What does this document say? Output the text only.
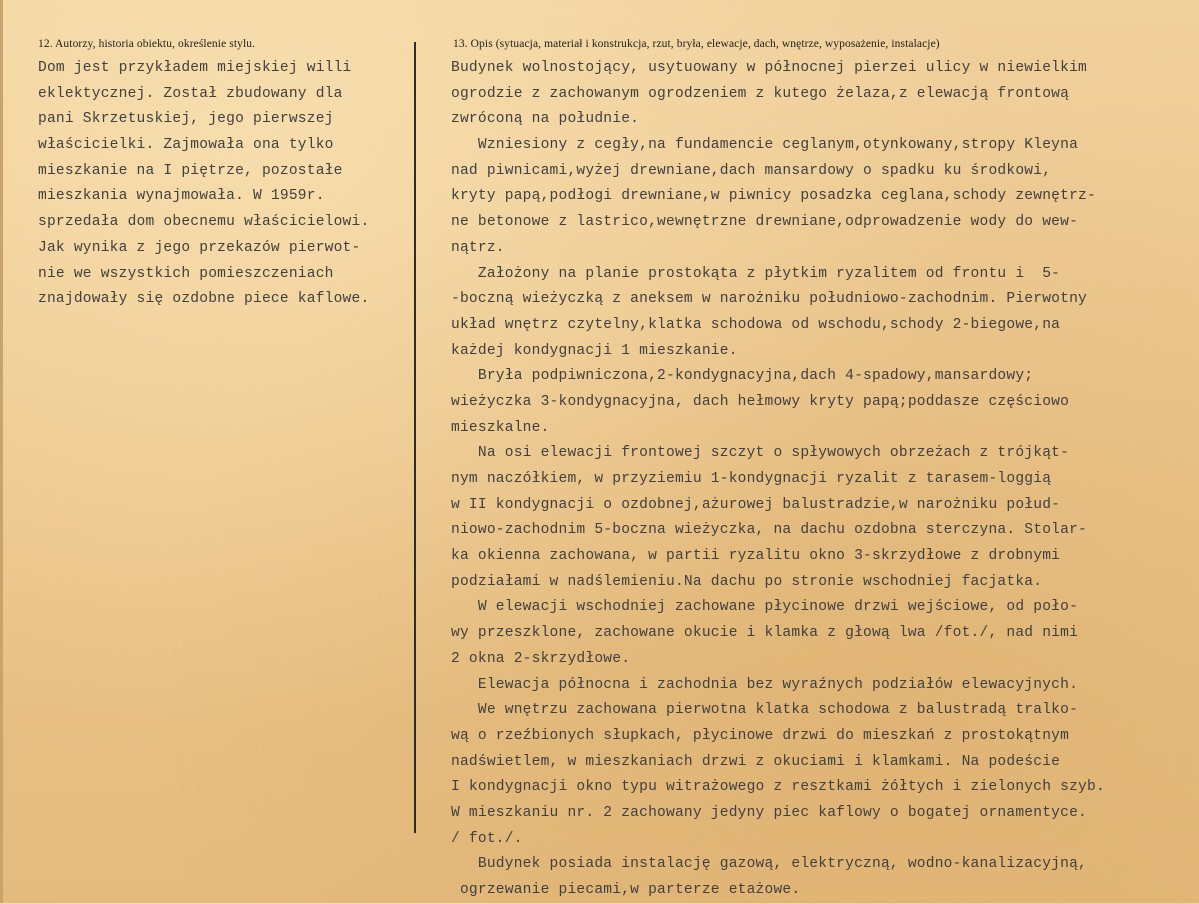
12. Autorzy, historia obiektu, określenie stylu.	13. Opis (sytuacja, materiał i konstrukcja, rzut, bryła, elewacje, dach, wnętrze, wyposażenie, instalacje)
Dom jest przykładem miejskiej willi
eklektycznej. Został zbudowany dla
pani Skrzetuskiej, jego pierwszej
właścicielki. Zajmowała ona tylko
mieszkanie na I piętrze, pozostałe
mieszkania wynajmowała. W 1959r.
sprzedała dom obecnemu właścicielowi.
Jak wynika z jego przekazów pierwot-
nie we wszystkich pomieszczeniach
znajdowały się ozdobne piece kaflowe.
Budynek wolnostojący, usytuowany w północnej pierzei ulicy w niewielkim
ogrodzie z zachowanym ogrodzeniem z kutego żelaza,z elewacją frontową
zwróconą na południe.
Wzniesiony z cegły,na fundamencie ceglanym,otynkowany,stropy Kleyna
nad piwnicami,wyżej drewniane,dach mansardowy o spadku ku środkowi,
kryty papą,podłogi drewniane,w piwnicy posadzka ceglana,schody zewnętrz-
ne betonowe z lastrico,wewnętrzne drewniane,odprowadzenie wody do wew-
nątrz.
Założony na planie prostokąta z płytkim ryzalitem od frontu i  5-
-boczną wieżyczką z aneksem w narożniku południowo-zachodnim. Pierwotny
układ wnętrz czytelny,klatka schodowa od wschodu,schody 2-biegowe,na
każdej kondygnacji 1 mieszkanie.
Bryła podpiwniczona,2-kondygnacyjna,dach 4-spadowy,mansardowy;
wieżyczka 3-kondygnacyjna, dach hełmowy kryty papą;poddasze częściowo
mieszkalne.
Na osi elewacji frontowej szczyt o spływowych obrzeżach z trójkąt-
nym naczółkiem, w przyziemiu 1-kondygnacji ryzalit z tarasem-loggią
w II kondygnacji o ozdobnej,ażurowej balustradzie,w narożniku połud-
niowo-zachodnim 5-boczna wieżyczka, na dachu ozdobna sterczyna. Stolar-
ka okienna zachowana, w partii ryzalitu okno 3-skrzydłowe z drobnymi
podziałami w nadślemieniu.Na dachu po stronie wschodniej facjatka.
W elewacji wschodniej zachowane płycinowe drzwi wejściowe, od poło-
wy przeszklone, zachowane okucie i klamka z głową lwa /fot./, nad nimi
2 okna 2-skrzydłowe.
Elewacja północna i zachodnia bez wyraźnych podziałów elewacyjnych.
We wnętrzu zachowana pierwotna klatka schodowa z balustradą tralko-
wą o rzeźbionych słupkach, płycinowe drzwi do mieszkań z prostokątnym
nadświetlem, w mieszkaniach drzwi z okuciami i klamkami. Na podeście
I kondygnacji okno typu witrażowego z resztkami żółtych i zielonych szyb.
W mieszkaniu nr. 2 zachowany jedyny piec kaflowy o bogatej ornamentyce.
/ fot./.
Budynek posiada instalację gazową, elektryczną, wodno-kanalizacyjną,
ogrzewanie piecami,w parterze etażowe.
